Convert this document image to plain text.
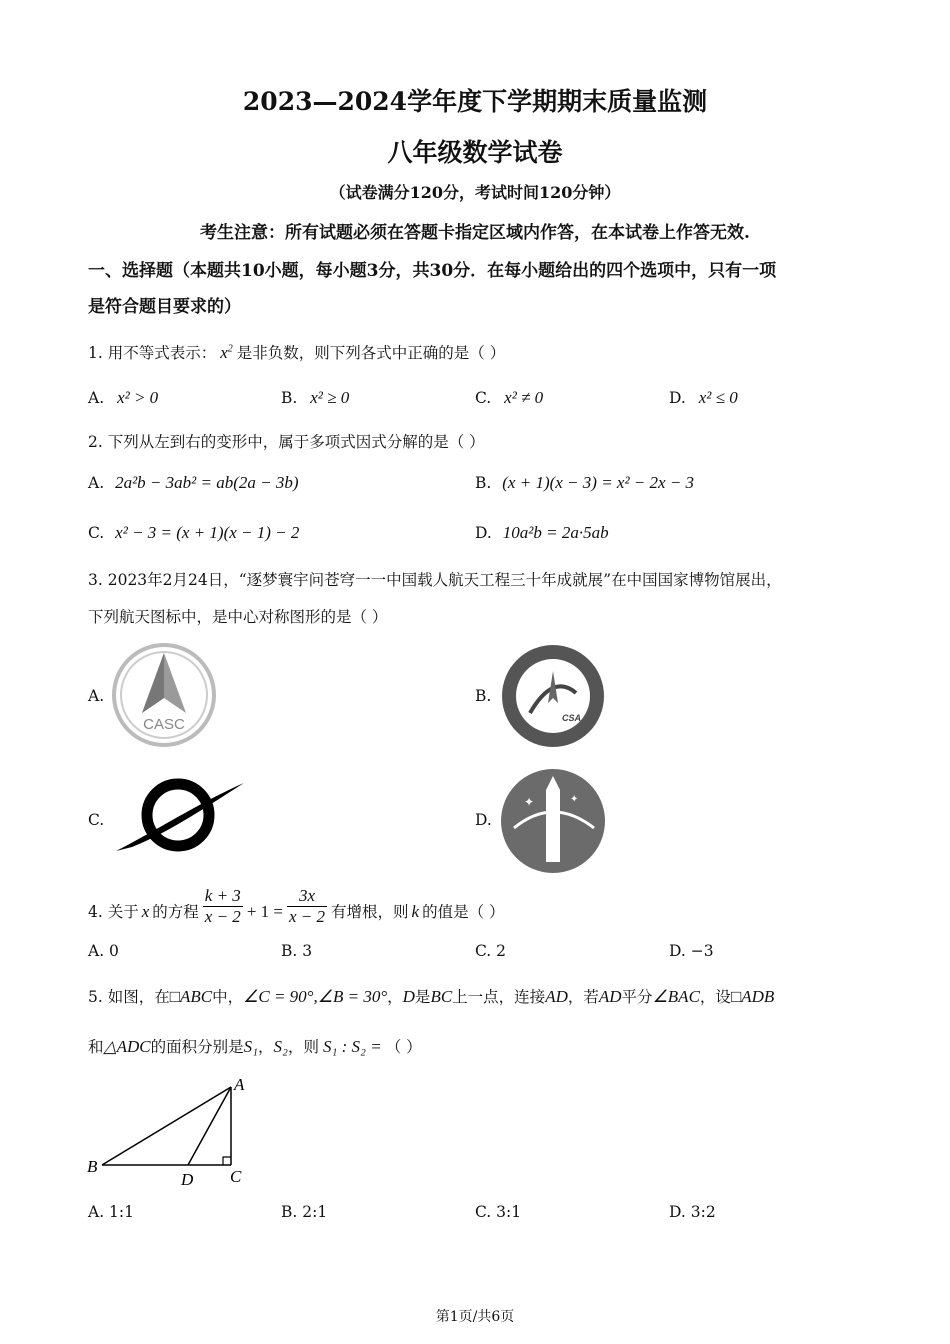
2023—2024学年度下学期期末质量监测
八年级数学试卷
（试卷满分120分，考试时间120分钟）
考生注意：所有试题必须在答题卡指定区域内作答，在本试卷上作答无效.
一、选择题（本题共10小题，每小题3分，共30分．在每小题给出的四个选项中，只有一项
是符合题目要求的）
1. 用不等式表示： $x^2$ 是非负数，则下列各式中正确的是（ ）
A. x² > 0	B. x² ≥ 0	C. x² ≠ 0	D. x² ≤ 0
2. 下列从左到右的变形中，属于多项式因式分解的是（ ）
A. 2a²b − 3ab² = ab(2a − 3b)	B. (x + 1)(x − 3) = x² − 2x − 3
C. x² − 3 = (x + 1)(x − 1) − 2	D. 10a²b = 2a·5ab
3. 2023年2月24日，“逐梦寰宇问苍穹一一中国载人航天工程三十年成就展”在中国国家博物馆展出，
下列航天图标中，是中心对称图形的是（ ）
A.
CASC
B.
CSA
C.	D.
✦	✦
4. 关于 x 的方程 $\frac{k + 3}{x - 2} + 1 = \frac{3x}{x - 2}$ 有增根，则 k 的值是（ ）
A. 0	B. 3	C. 2	D. −3
5. 如图，在□ABC中，∠C = 90°,∠B = 30°，D是BC上一点，连接AD，若AD平分∠BAC，设□ADB
和△ADC的面积分别是S₁，S₂，则 S₁ : S₂ = （ ）
A
B
C
D
A. 1:1	B. 2:1	C. 3:1	D. 3:2
第1页/共6页
